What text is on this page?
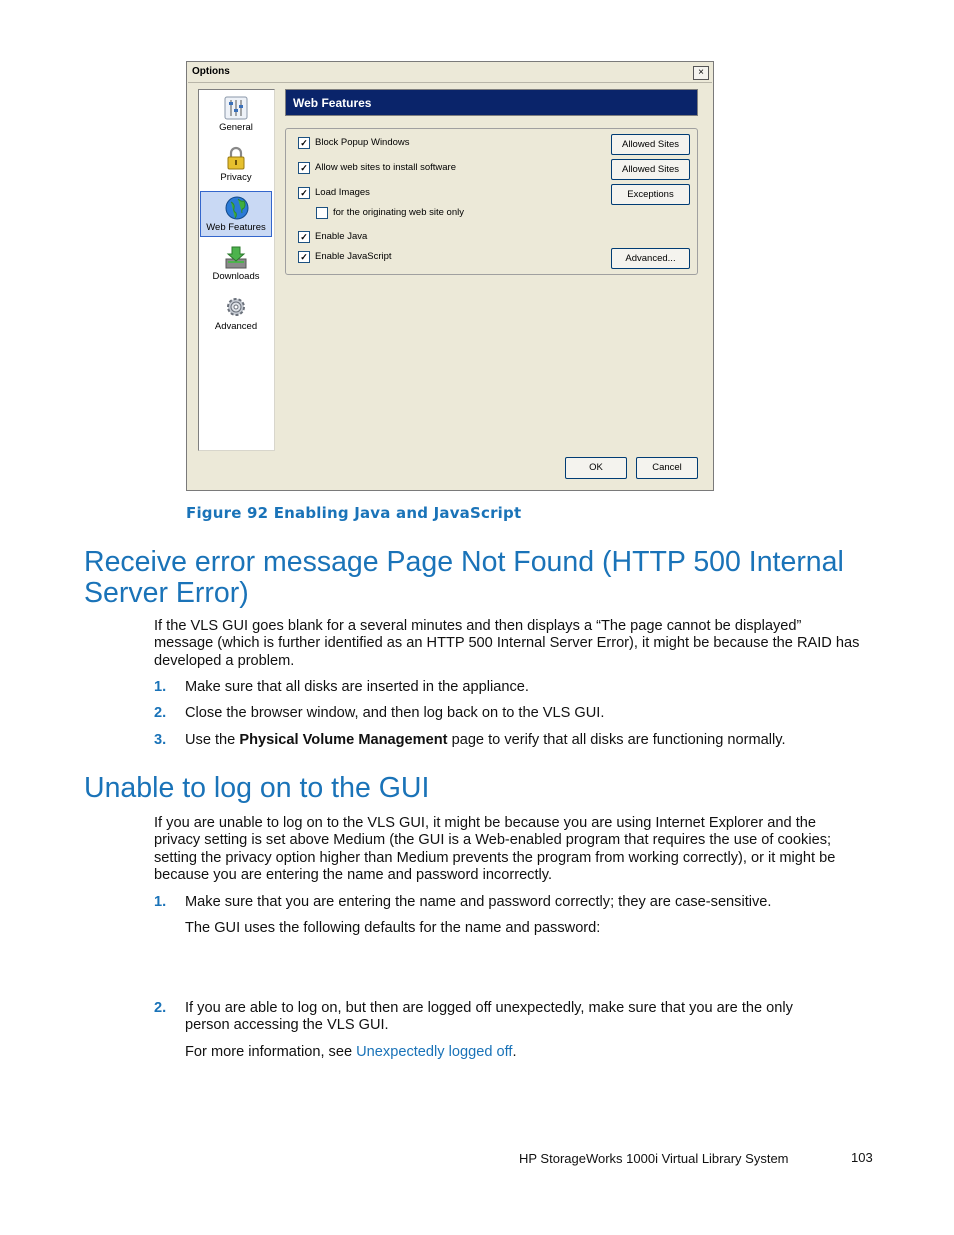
Options	×
General
Privacy
Web Features
Downloads
Advanced
Web Features
✓ Block Popup Windows
✓ Allow web sites to install software
✓ Load Images
for the originating web site only
✓ Enable Java
✓ Enable JavaScript
Allowed Sites
Allowed Sites
Exceptions
Advanced...
OK	Cancel
Figure 92 Enabling Java and JavaScript
Receive error message Page Not Found (HTTP 500 Internal
Server Error)

If the VLS GUI goes blank for a several minutes and then displays a “The page cannot be displayed” message (which is further identified as an HTTP 500 Internal Server Error), it might be because the RAID has developed a problem.

1. Make sure that all disks are inserted in the appliance.
2. Close the browser window, and then log back on to the VLS GUI.
3. Use the Physical Volume Management page to verify that all disks are functioning normally.
Unable to log on to the GUI

If you are unable to log on to the VLS GUI, it might be because you are using Internet Explorer and the privacy setting is set above Medium (the GUI is a Web-enabled program that requires the use of cookies; setting the privacy option higher than Medium prevents the program from working correctly), or it might be because you are entering the name and password incorrectly.

1. Make sure that you are entering the name and password correctly; they are case-sensitive.
The GUI uses the following defaults for the name and password:
2. If you are able to log on, but then are logged off unexpectedly, make sure that you are the only person accessing the VLS GUI.
For more information, see Unexpectedly logged off.
HP StorageWorks 1000i Virtual Library System	103
